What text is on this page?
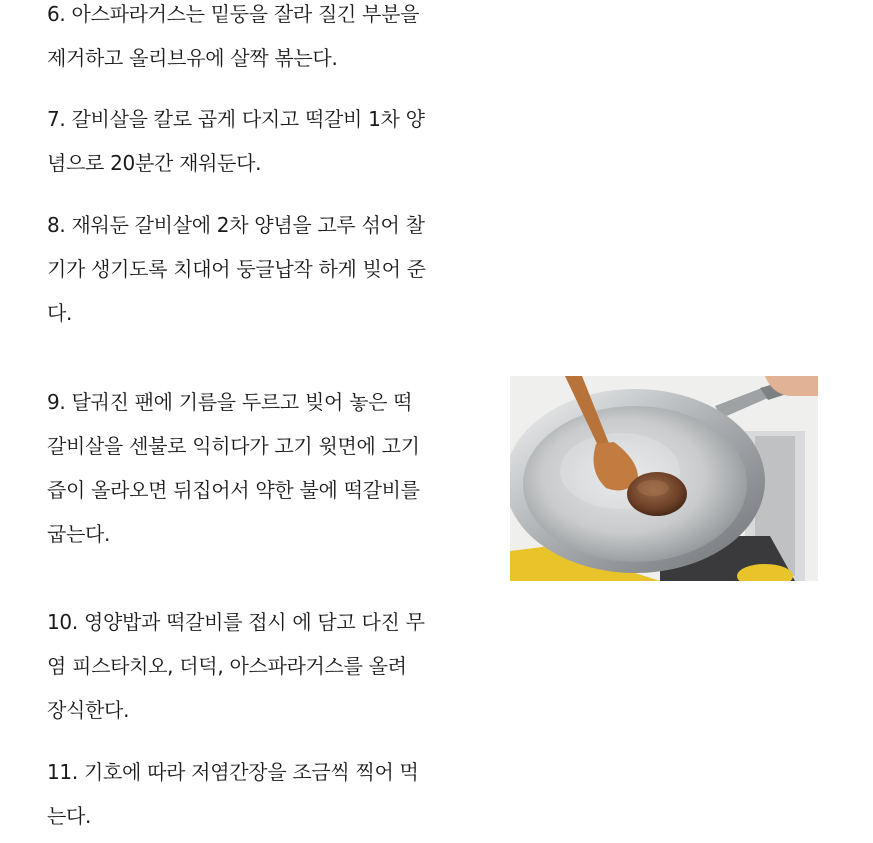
6. 아스파라거스는 밑둥을 잘라 질긴 부분을
제거하고 올리브유에 살짝 볶는다.
7. 갈비살을 칼로 곱게 다지고 떡갈비 1차 양
념으로 20분간 재워둔다.
8. 재워둔 갈비살에 2차 양념을 고루 섞어 찰
기가 생기도록 치대어 둥글납작 하게 빚어 준
다.
9. 달궈진 팬에 기름을 두르고 빚어 놓은 떡
갈비살을 센불로 익히다가 고기 윗면에 고기
즙이 올라오면 뒤집어서 약한 불에 떡갈비를
굽는다.
10. 영양밥과 떡갈비를 접시 에 담고 다진 무
염 피스타치오, 더덕, 아스파라거스를 올려
장식한다.
11. 기호에 따라 저염간장을 조금씩 찍어 먹
는다.
